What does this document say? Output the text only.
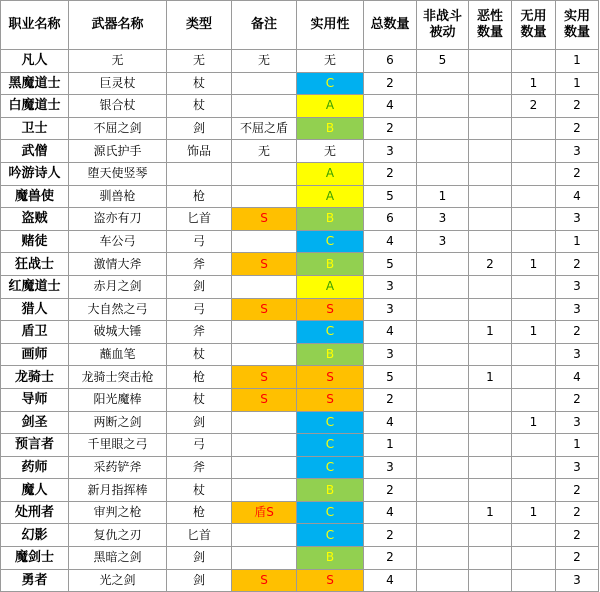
职业名称	武器名称	类型	备注	实用性	总数量	非战斗被动	恶性数量	无用数量	实用数量
凡人	无	无	无	无	6	5			1
黑魔道士	巨灵杖	杖		C	2			1	1
白魔道士	银合杖	杖		A	4			2	2
卫士	不屈之剑	剑	不屈之盾	B	2				2
武僧	源氏护手	饰品	无	无	3				3
吟游诗人	堕天使竖琴			A	2				2
魔兽使	驯兽枪	枪		A	5	1			4
盗贼	盗亦有刀	匕首	S	B	6	3			3
赌徒	车公弓	弓		C	4	3			1
狂战士	激情大斧	斧	S	B	5		2	1	2
红魔道士	赤月之剑	剑		A	3				3
猎人	大自然之弓	弓	S	S	3				3
盾卫	破城大锤	斧		C	4		1	1	2
画师	蘸血笔	杖		B	3				3
龙骑士	龙骑士突击枪	枪	S	S	5		1		4
导师	阳光魔棒	杖	S	S	2				2
剑圣	两断之剑	剑		C	4			1	3
预言者	千里眼之弓	弓		C	1				1
药师	采药铲斧	斧		C	3				3
魔人	新月指挥棒	杖		B	2				2
处刑者	审判之枪	枪	盾S	C	4		1	1	2
幻影	复仇之刃	匕首		C	2				2
魔剑士	黑暗之剑	剑		B	2				2
勇者	光之剑	剑	S	S	4				3
